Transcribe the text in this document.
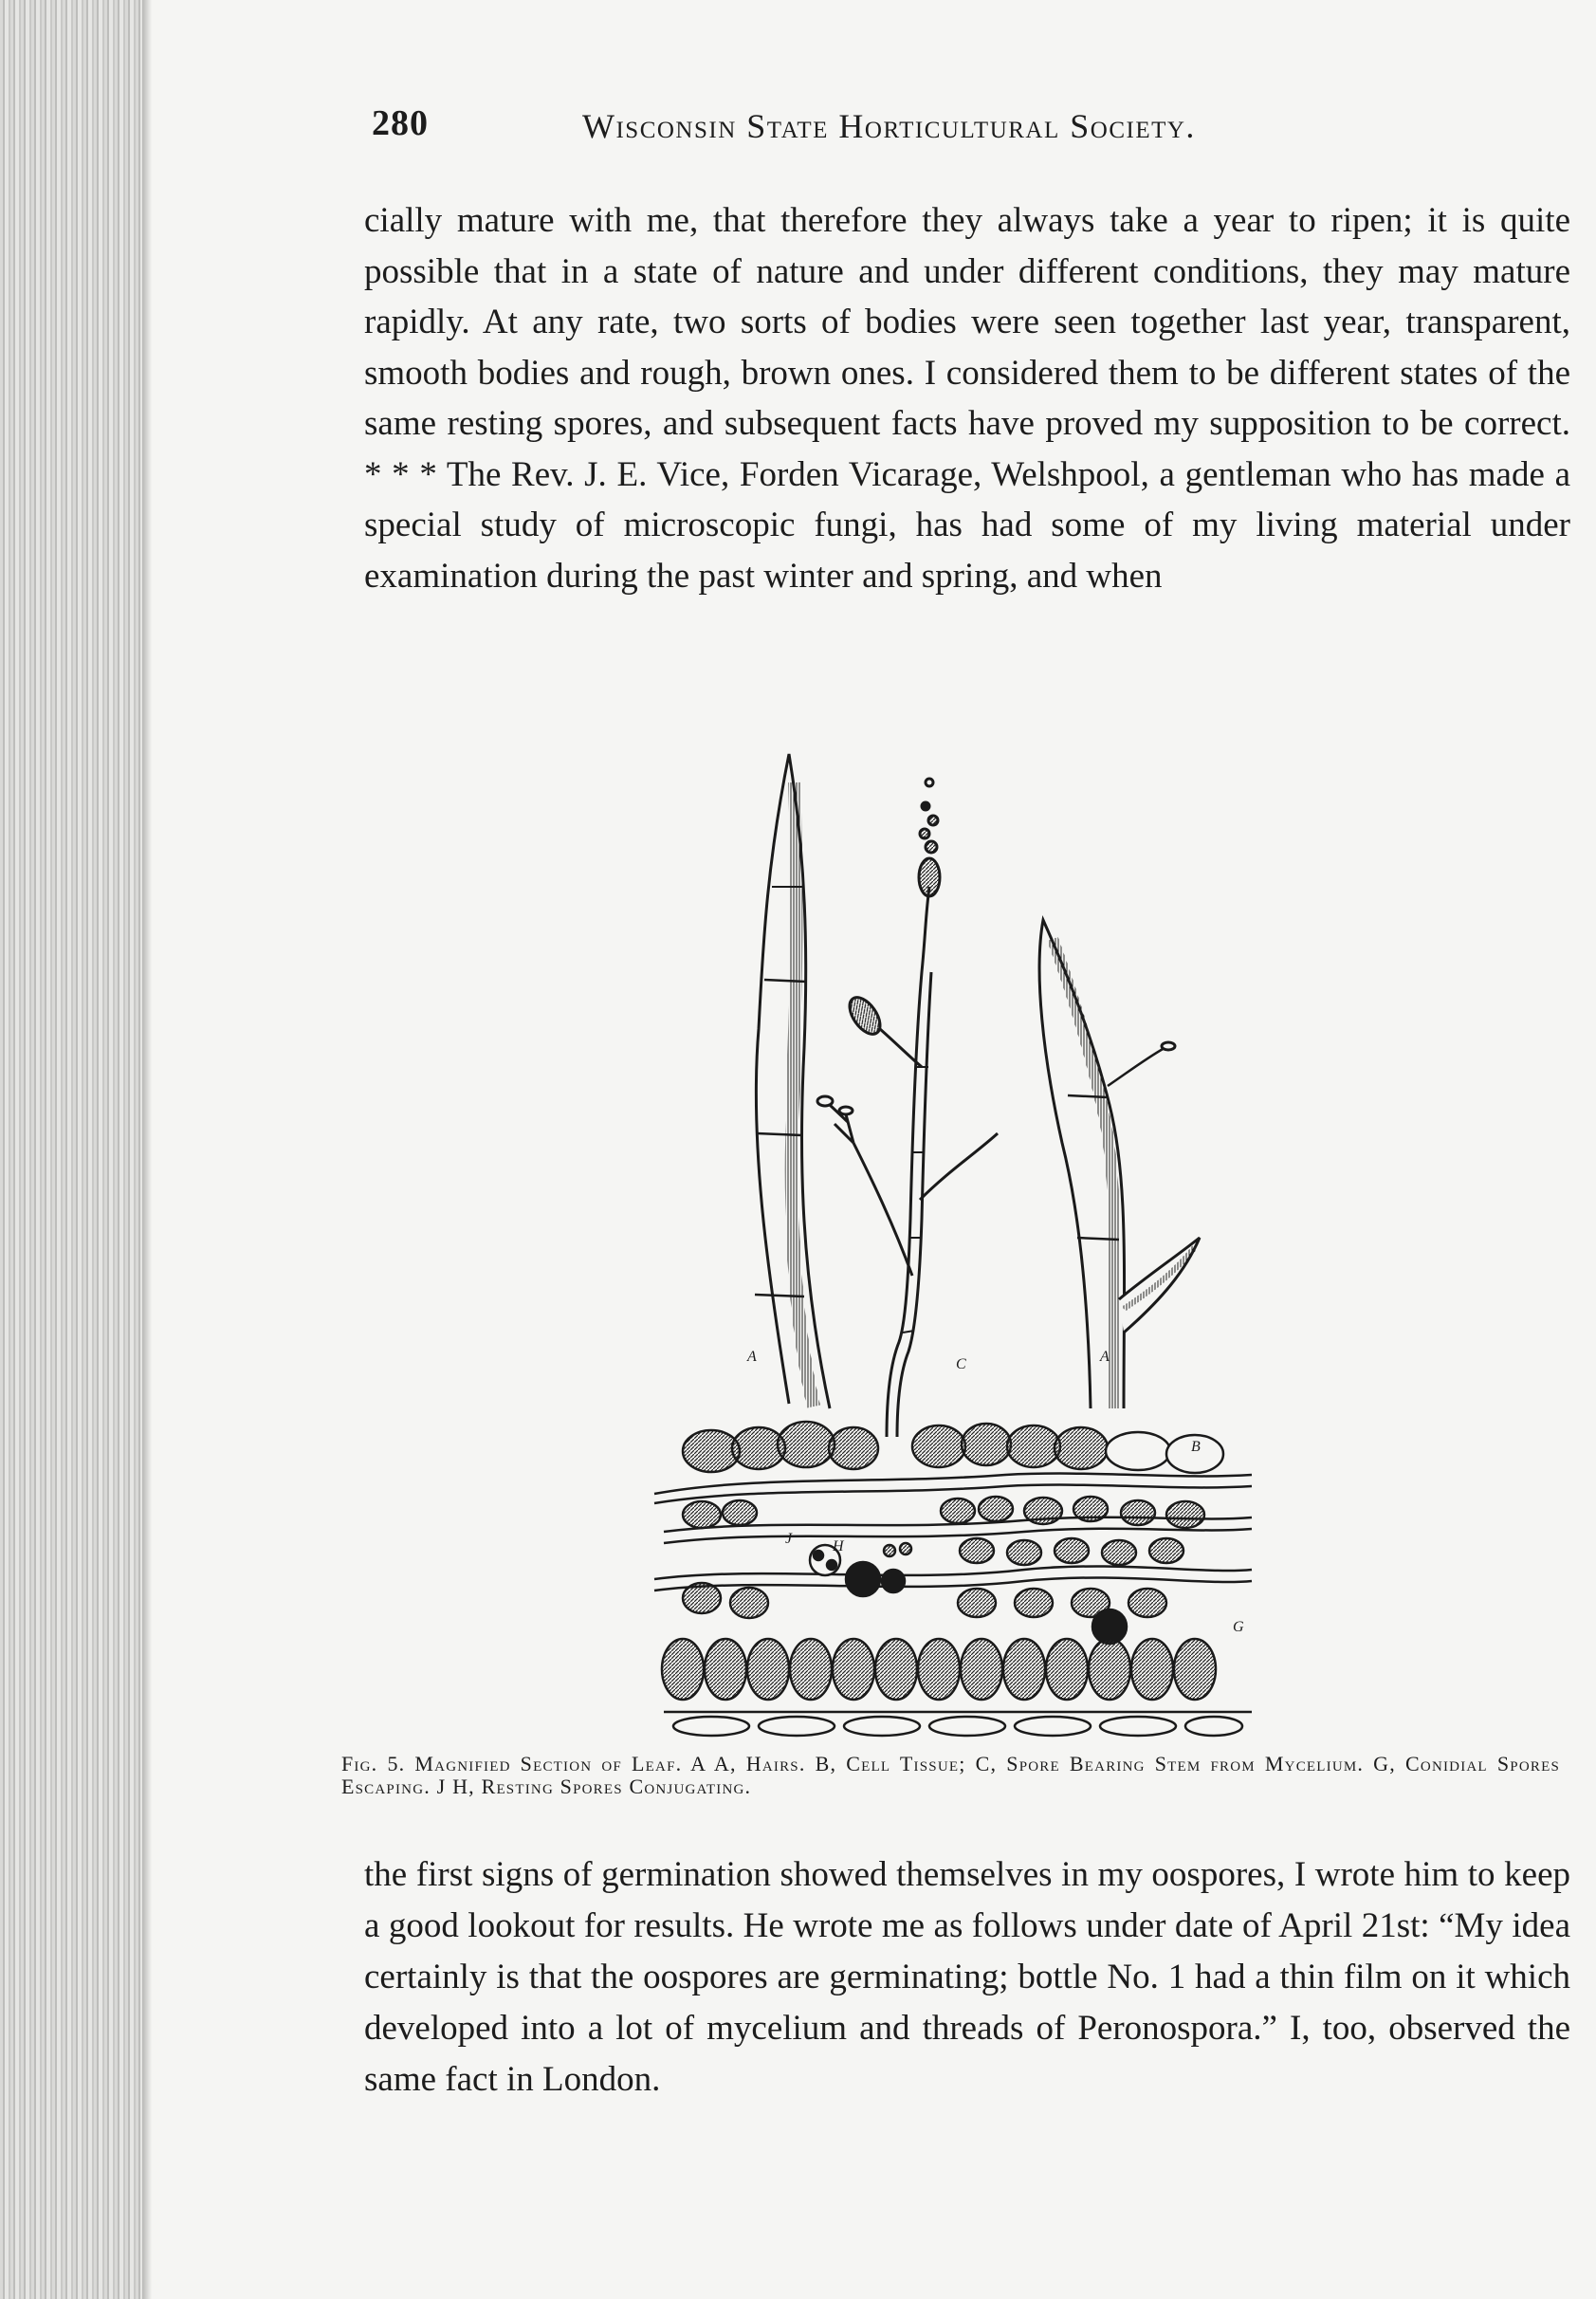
280	Wisconsin State Horticultural Society.

cially mature with me, that therefore they always take a year to ripen; it is quite possible that in a state of nature and under different conditions, they may mature rapidly. At any rate, two sorts of bodies were seen together last year, transparent, smooth bodies and rough, brown ones. I considered them to be different states of the same resting spores, and subsequent facts have proved my supposition to be correct. * * * The Rev. J. E. Vice, Forden Vicarage, Welshpool, a gentleman who has made a special study of microscopic fungi, has had some of my living material under examination during the past winter and spring, and when

A	C	A
B
J	H
G

Fig. 5. Magnified Section of Leaf. A A, Hairs. B, Cell Tissue; C, Spore Bearing Stem from Mycelium. G, Conidial Spores Escaping. J H, Resting Spores Conjugating.

the first signs of germination showed themselves in my oospores, I wrote him to keep a good lookout for results. He wrote me as follows under date of April 21st: “My idea certainly is that the oospores are germinating; bottle No. 1 had a thin film on it which developed into a lot of mycelium and threads of Peronospora.” I, too, observed the same fact in London.
